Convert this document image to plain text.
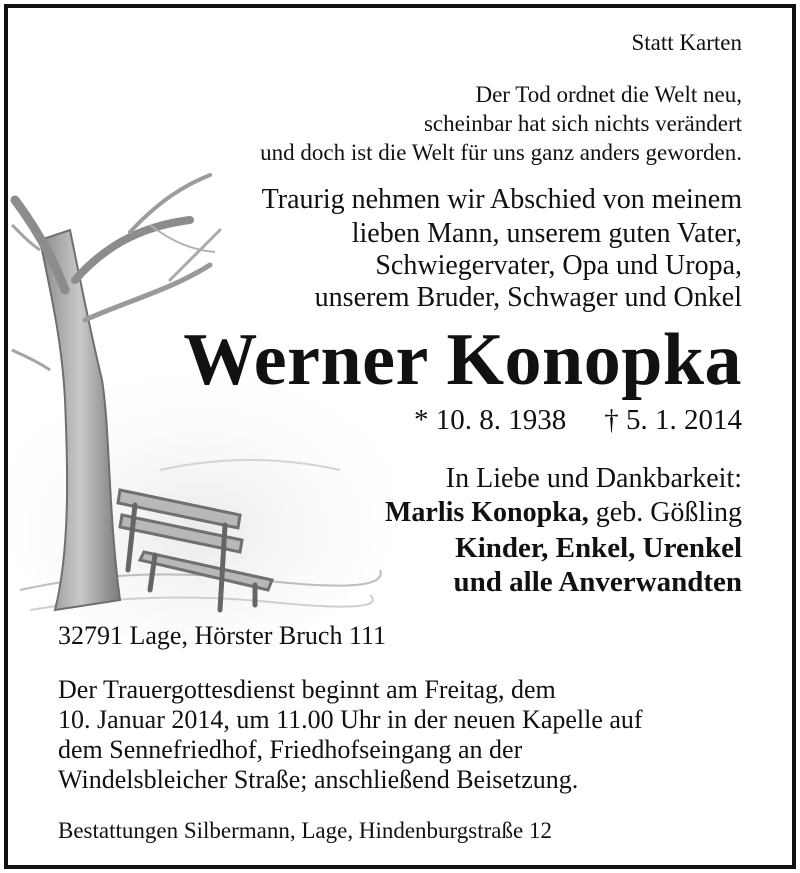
Statt Karten
Der Tod ordnet die Welt neu,
scheinbar hat sich nichts verändert
und doch ist die Welt für uns ganz anders geworden.
Traurig nehmen wir Abschied von meinem
lieben Mann, unserem guten Vater,
Schwiegervater, Opa und Uropa,
unserem Bruder, Schwager und Onkel
Werner Konopka
* 10. 8. 1938 † 5. 1. 2014
In Liebe und Dankbarkeit:
Marlis Konopka, geb. Gößling
Kinder, Enkel, Urenkel
und alle Anverwandten
32791 Lage, Hörster Bruch 111
Der Trauergottesdienst beginnt am Freitag, dem
10. Januar 2014, um 11.00 Uhr in der neuen Kapelle auf
dem Sennefriedhof, Friedhofseingang an der
Windelsbleicher Straße; anschließend Beisetzung.
Bestattungen Silbermann, Lage, Hindenburgstraße 12
